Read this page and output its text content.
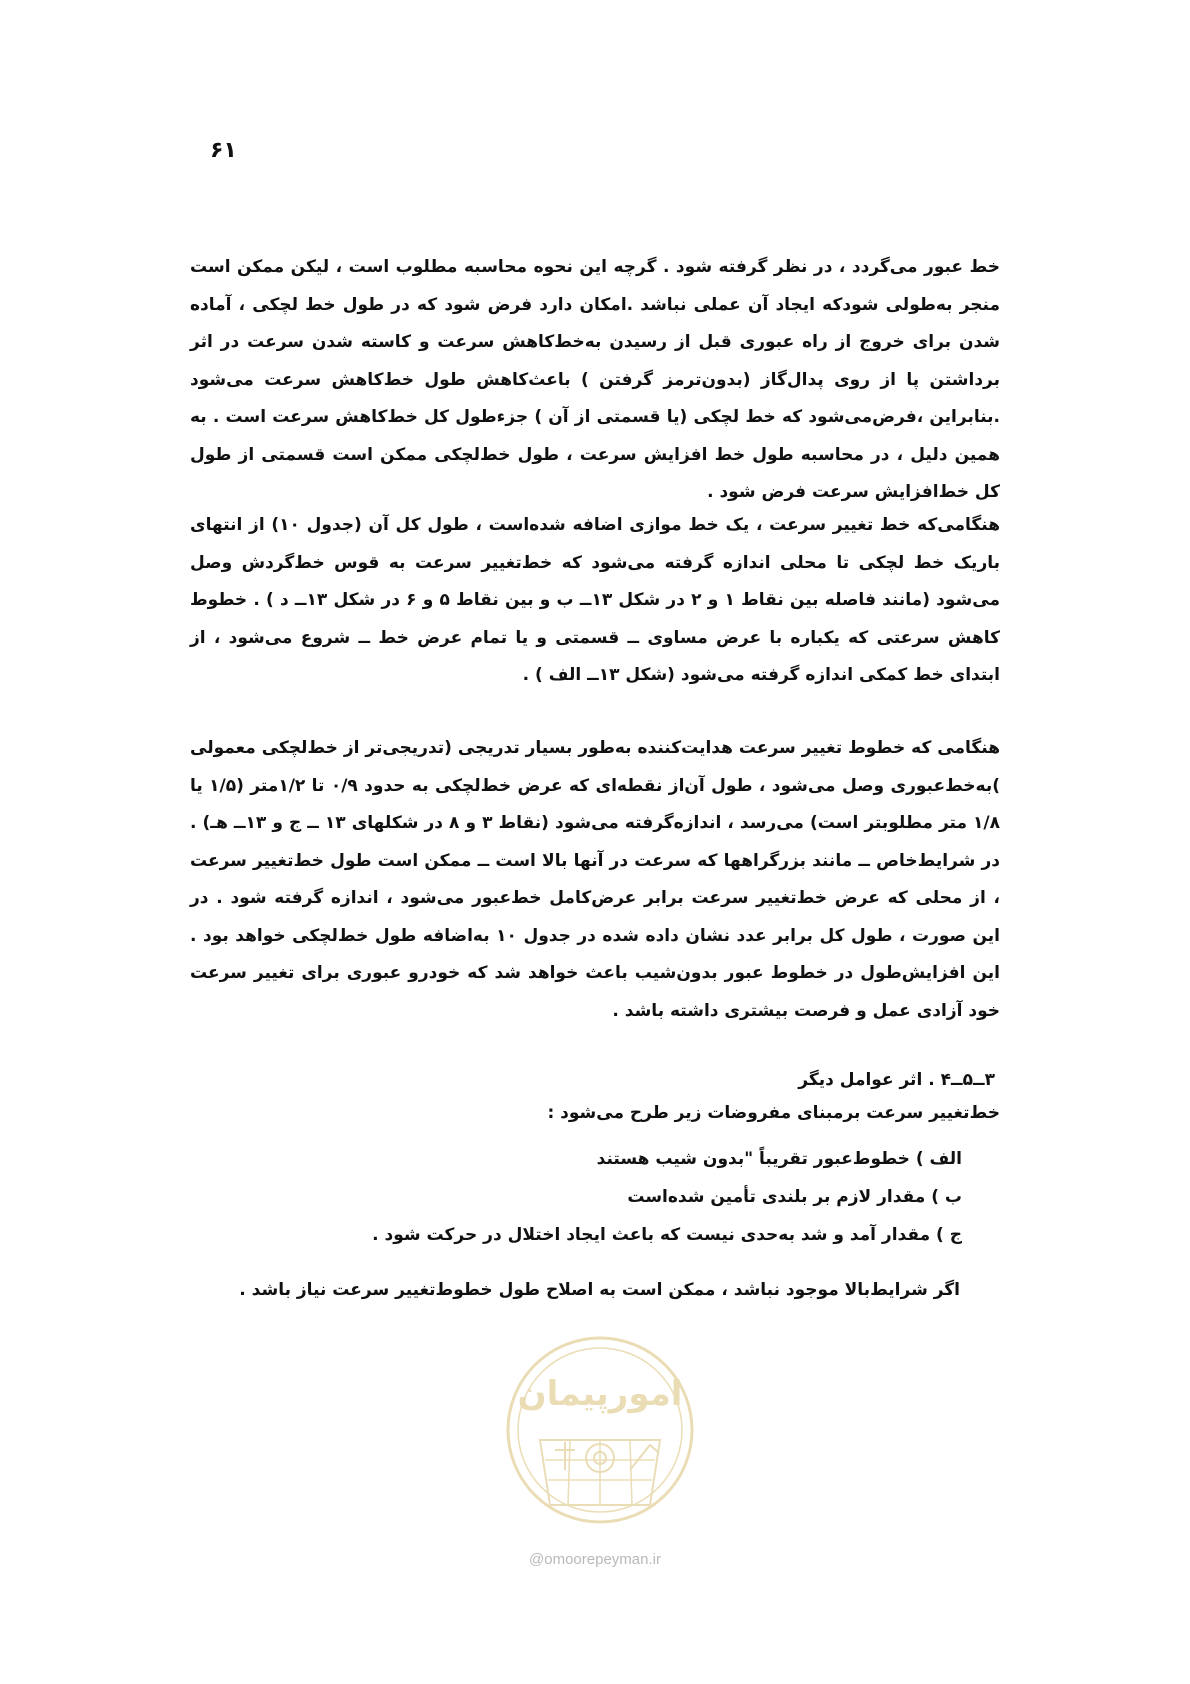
۶۱

خط عبور می‌گردد ، در نظر گرفته شود . گرچه این نحوه محاسبه مطلوب است ، لیکن ممکن است منجر به‌طولی شودکه ایجاد آن عملی نباشد .امکان دارد فرض شود که در طول خط لچکی ، آماده شدن برای خروج از راه عبوری قبل از رسیدن به‌خط‌کاهش سرعت و کاسته شدن سرعت در اثر برداشتن پا از روی پدال‌گاز (بدون‌ترمز گرفتن ) باعث‌کاهش طول خط‌کاهش سرعت می‌شود .بنابراین ،فرض‌می‌شود که خط لچکی (یا قسمتی از آن ) جزءطول کل خط‌کاهش سرعت است . به همین دلیل ، در محاسبه طول خط افزایش سرعت ، طول خط‌لچکی ممکن است قسمتی از طول کل خط‌افزایش سرعت فرض شود .

هنگامی‌که خط تغییر سرعت ، یک خط موازی اضافه شده‌است ، طول کل آن (جدول ۱۰) از انتهای باریک خط لچکی تا محلی اندازه گرفته می‌شود که خط‌تغییر سرعت به قوس خط‌گردش وصل می‌شود (مانند فاصله بین نقاط ۱ و ۲ در شکل ۱۳ــ ب و بین نقاط ۵ و ۶ در شکل ۱۳ــ د ) . خطوط کاهش سرعتی که یکباره با عرض مساوی ــ قسمتی و یا تمام عرض خط ــ شروع می‌شود ، از ابتدای خط کمکی اندازه گرفته می‌شود (شکل ۱۳ــ الف ) .

هنگامی که خطوط تغییر سرعت هدایت‌کننده به‌طور بسیار تدریجی (تدریجی‌تر از خط‌لچکی معمولی )به‌خط‌عبوری وصل می‌شود ، طول آن‌از نقطه‌ای که عرض خط‌لچکی به حدود ۰/۹ تا ۱/۲متر (۱/۵ یا ۱/۸ متر مطلوبتر است) می‌رسد ، اندازه‌گرفته می‌شود (نقاط ۳ و ۸ در شکلهای ۱۳ ــ ج و ۱۳ــ هـ) . در شرایط‌خاص ــ مانند بزرگراهها که سرعت در آنها بالا است ــ ممکن است طول خط‌تغییر سرعت ، از محلی که عرض خط‌تغییر سرعت برابر عرض‌کامل خط‌عبور می‌شود ، اندازه گرفته شود . در این صورت ، طول کل برابر عدد نشان داده شده در جدول ۱۰ به‌اضافه طول خط‌لچکی خواهد بود . این افزایش‌طول در خطوط عبور بدون‌شیب باعث خواهد شد که خودرو عبوری برای تغییر سرعت خود آزادی عمل و فرصت بیشتری داشته باشد .

۳ــ۵ــ۴ . اثر عوامل دیگر
خط‌تغییر سرعت برمبنای مفروضات زیر طرح می‌شود :
الف ) خطوط‌عبور تقریباً "بدون شیب هستند
ب ) مقدار لازم بر بلندی تأمین شده‌است
ج ) مقدار آمد و شد به‌حدی نیست که باعث ایجاد اختلال در حرکت شود .
اگر شرایط‌بالا موجود نباشد ، ممکن است به اصلاح طول خطوط‌تغییر سرعت نیاز باشد .
امورپیمان
@omoorepeyman.ir
